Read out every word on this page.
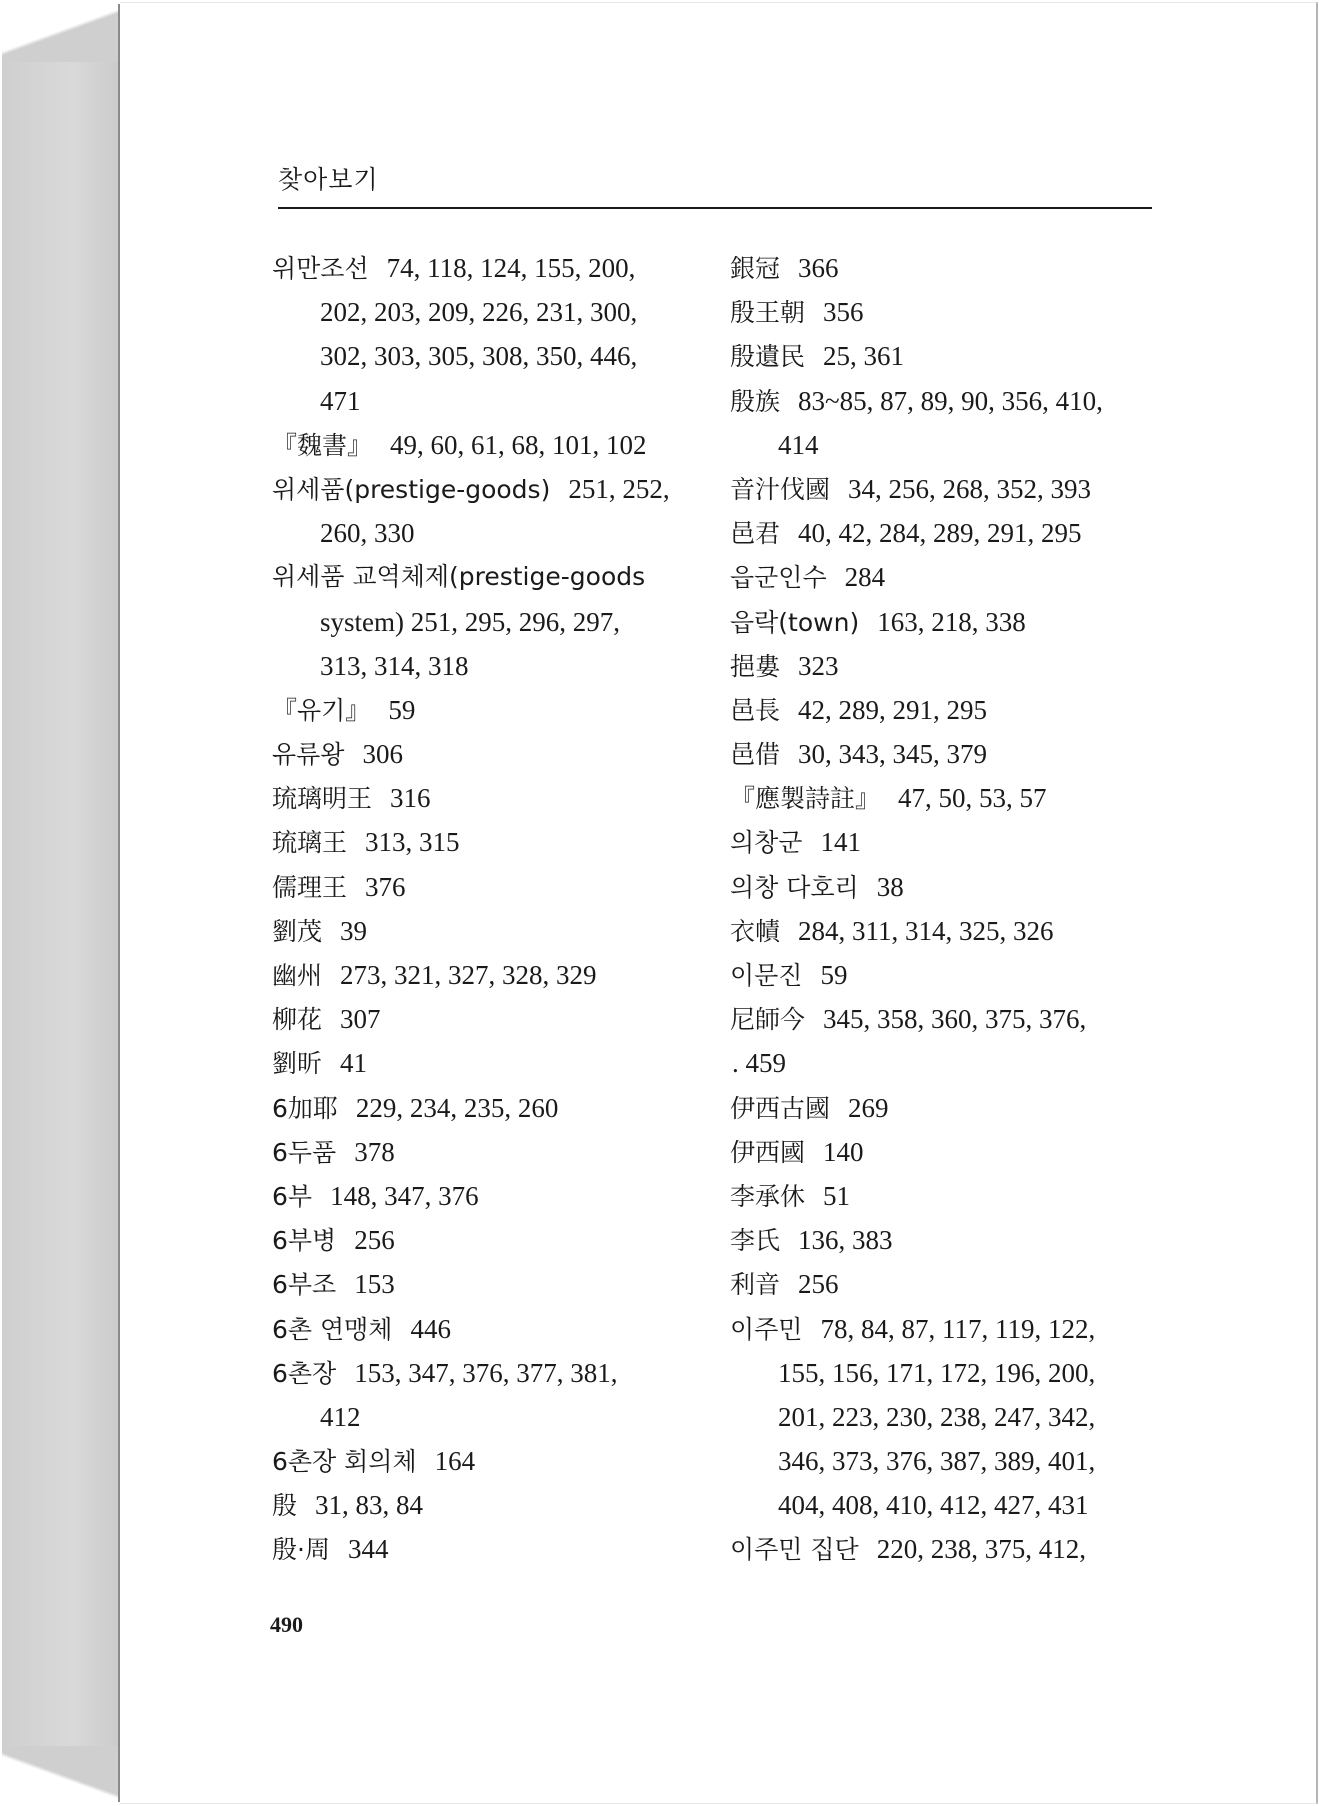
찾아보기
위만조선 74, 118, 124, 155, 200,
202, 203, 209, 226, 231, 300,
302, 303, 305, 308, 350, 446,
471
『魏書』 49, 60, 61, 68, 101, 102
위세품(prestige-goods) 251, 252,
260, 330
위세품 교역체제(prestige-goods
system) 251, 295, 296, 297,
313, 314, 318
『유기』 59
유류왕 306
琉璃明王 316
琉璃王 313, 315
儒理王 376
劉茂 39
幽州 273, 321, 327, 328, 329
柳花 307
劉昕 41
6加耶 229, 234, 235, 260
6두품 378
6부 148, 347, 376
6부병 256
6부조 153
6촌 연맹체 446
6촌장 153, 347, 376, 377, 381,
412
6촌장 회의체 164
殷 31, 83, 84
殷·周 344
銀冠 366
殷王朝 356
殷遺民 25, 361
殷族 83~85, 87, 89, 90, 356, 410,
414
音汁伐國 34, 256, 268, 352, 393
邑君 40, 42, 284, 289, 291, 295
읍군인수 284
읍락(town) 163, 218, 338
挹婁 323
邑長 42, 289, 291, 295
邑借 30, 343, 345, 379
『應製詩註』 47, 50, 53, 57
의창군 141
의창 다호리 38
衣幘 284, 311, 314, 325, 326
이문진 59
尼師今 345, 358, 360, 375, 376,
. 459
伊西古國 269
伊西國 140
李承休 51
李氏 136, 383
利音 256
이주민 78, 84, 87, 117, 119, 122,
155, 156, 171, 172, 196, 200,
201, 223, 230, 238, 247, 342,
346, 373, 376, 387, 389, 401,
404, 408, 410, 412, 427, 431
이주민 집단 220, 238, 375, 412,
490
